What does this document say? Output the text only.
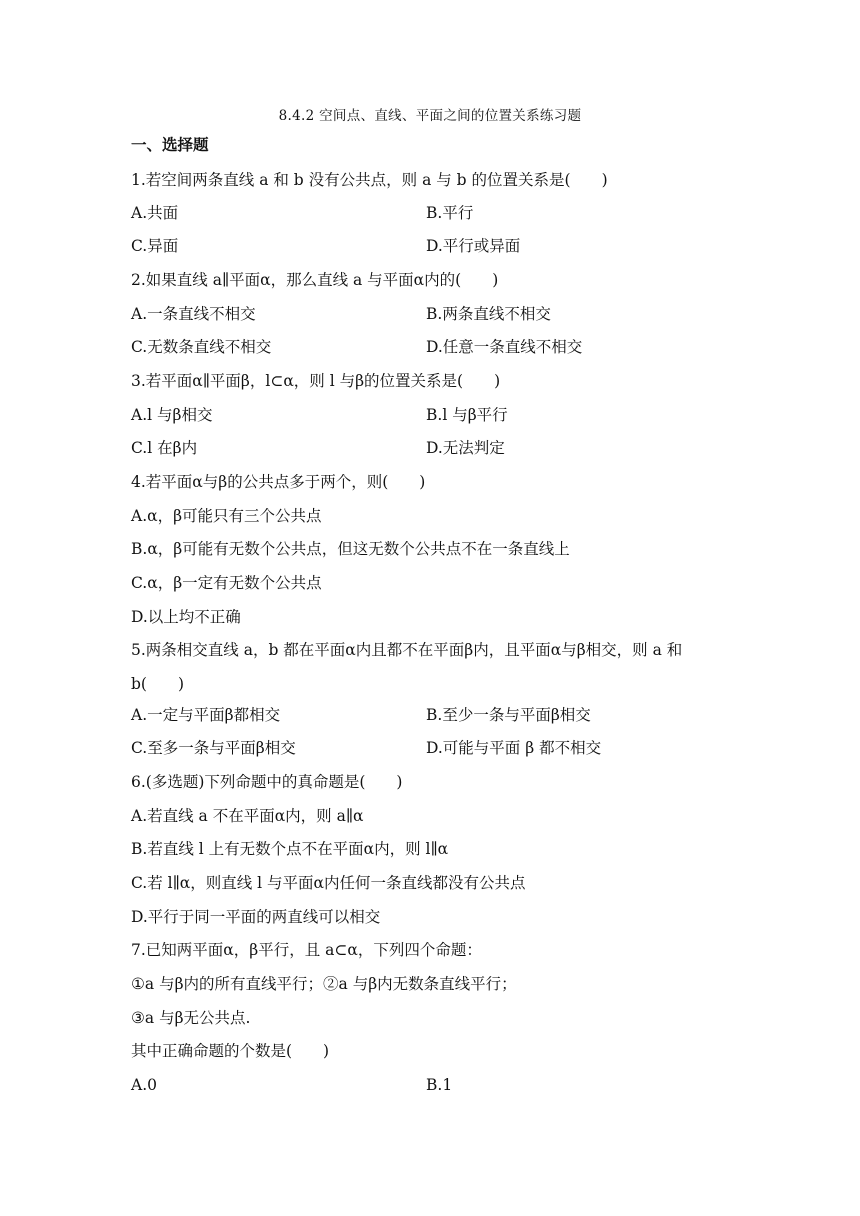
8.4.2 空间点、直线、平面之间的位置关系练习题
一、选择题
1.若空间两条直线 a 和 b 没有公共点，则 a 与 b 的位置关系是(　　)
A.共面	B.平行
C.异面	D.平行或异面
2.如果直线 a∥平面α，那么直线 a 与平面α内的(　　)
A.一条直线不相交	B.两条直线不相交
C.无数条直线不相交	D.任意一条直线不相交
3.若平面α∥平面β，l⊂α，则 l 与β的位置关系是(　　)
A.l 与β相交	B.l 与β平行
C.l 在β内	D.无法判定
4.若平面α与β的公共点多于两个，则(　　)
A.α，β可能只有三个公共点
B.α，β可能有无数个公共点，但这无数个公共点不在一条直线上
C.α，β一定有无数个公共点
D.以上均不正确
5.两条相交直线 a，b 都在平面α内且都不在平面β内，且平面α与β相交，则 a 和
b(　　)
A.一定与平面β都相交	B.至少一条与平面β相交
C.至多一条与平面β相交	D.可能与平面 β 都不相交
6.(多选题)下列命题中的真命题是(　　)
A.若直线 a 不在平面α内，则 a∥α
B.若直线 l 上有无数个点不在平面α内，则 l∥α
C.若 l∥α，则直线 l 与平面α内任何一条直线都没有公共点
D.平行于同一平面的两直线可以相交
7.已知两平面α，β平行，且 a⊂α，下列四个命题：
①a 与β内的所有直线平行；②a 与β内无数条直线平行；
③a 与β无公共点.
其中正确命题的个数是(　　)
A.0	B.1
